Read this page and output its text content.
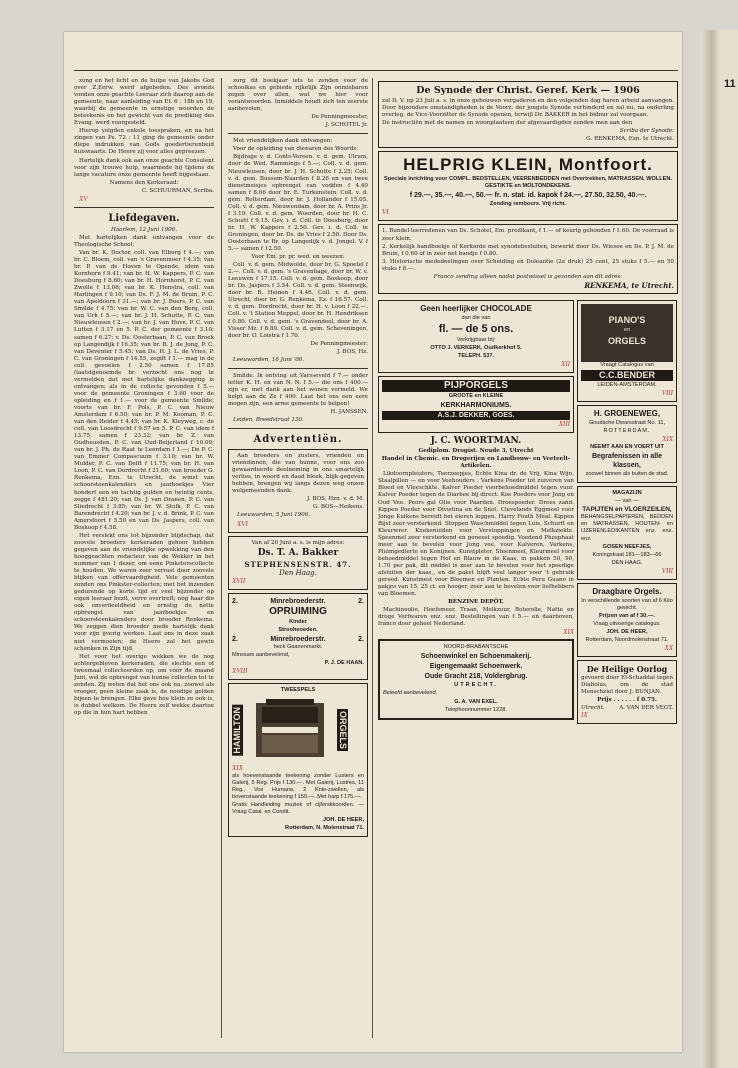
11

zong en het licht en de hulpe van Jakobs God over Z.Eerw. werd afgebeden. Des avonds vonden onze geachte Leeraar zich daarop aan de gemeente, naar aanleiding van Ef. 6 : 18b en 19, waarbij de gemeente in ernstige woorden de beteekenis en het gewicht van de prediking des Evang. werd voorgesteld.

Hierop volgden enkele toespraken, en na het zingen van Ps. 72 : 11 ging de gemeente onder diepe indrukken van Gods goedertierenheid huiswaarts. De Heere zij voor alles gepreezen.

Hartelijk dank ook aan onze geachte Consulent voor zijn trouwe hulp, waarmede hij tijdens de lange vacature onze gemeente heeft bijgestaan.

Namens den Kerkeraad:

C. SCHUURMAN, Scriba.

XV

Liefdegaven.

Haarlem, 12 Juni 1906.

Met hartelijken dank ontvangen voor de Theologische School:

Van br. K. Doctor, coll. van Elburg f 4.—; van br. C. Bloem, coll. van 's Gravenmoer f 4.35; van br. P. van de Hoven te Opende, idem van Kornhorn f 9.41; van br. H. W. Kappers, P. C. van Doesburg f 8.60; van br. H. Hornhorst, P. C. van Zwolle f 13.06; van br. K. Henstra, coll. van Harlingen f 9.10; van Ds. F. J. M. de Bruin, P. C. van Apeldoorn f 31.—; van br. J. Boers, P. C. van Smilde f 4.75; van br. W. C. van den Berg, coll. van Urk f 5.—; van br. J. H. Schutte, P. C. van Nieuwleusen f 2.—; van br. J. van Hove, P. C. van Lutten f 3.17 en 5. P. C. der gemeente f 3.10; samen f 6.27; v. Ds. Oosterbaan, P. C. van Broek op Langendijk f 16.35; van br. B. J. de Jong, P. C. van Deventer f 5.45; van Ds. H. J. L. de Vries, P. C. van Groningen f 14.55, zegift f 1.— mag in de coll. gevoelen f 2.50 samen f 17.85 (laatstgenoemde br. verzocht ons nog te vermelden dat met hartelijke dankzegging is ontvangen; als in de collecte gevonden f 5.— voor de gemeente Groningen f 3.60 voor de opleiding en f 1.— voor de gemeente Smilde; voorts van br. F. Pols, P. C. van Nieuw Amsterdam f 6.50; van br. P. M. Kooman, P. C. van den Helder f 4.45; van br. K. Kleyweg, c. de coll. van Loosdrecht f 9.57 en 5. P. C. van idem f 13.75, samen f 23.32; van br. Z. van Oudheusden, P. C. van Oud-Beijerland f 10.09; van br. J. Ph. de Raat te Leerdam f 1.—; De P. C. van Emmer Compascuum f 3.10; van br. W. Mulder, P. C. van Delft f 11.75; van br. H. van Loon, P. C. van Dordrecht f 21.60; van broeder G. Renkema, Ezn. te Utrecht, de winst van schoorsteenkalenders en jaarboekjes Vier hondert een en tachtig gulden en twintig cents, zegge f 481.20; van Ds. J. van Dranen, P. C. van Sliedrecht f 3.85; van br. W. Stolk, P. C. van Barendrecht f 4.20; van br. J. v. d. Brink, P. C. van Amersfoort f 5.50 en van Ds. Jaspers, coll. van Boskoop f 4.58.

Het verslekt ons tot bijzonder blijdschap, dat zoovele broeders kerkeraden gehoor hebben gegeven aan de vriendelijke opwekking van den hooggeachten redacteur van de Wekker in het nummer van 1 dezer, om eene Pinksterscollecte te houden. We waren zeer verrast door zoovele blijken van offervaardigheid. Vele gemeenten zonden ons Pinkster-collecten; met het inzenden gedurende op korte tijd er veel bijzonder op eigen leeraar bezit, verre overtreft; nog haar die ook onverdeeldheid en ernstig de nette opbrengst van jaarboekjes en schoorsteenkalenders door broeder Renkema. We zeggen dien broeder mede hartelijk dank voor zijn ijverig werken. Laat ons in deze zaak niet vermoeien; de Heere zal het gewin schenken in Zijn tijd.

Het voor het overige wekken we de nog achtergebleven kerkeraden, die slechts een of tweemaal collecteerden op, om vóór de maand Juni, wel de opbrengst van hunne collecten tot te zenden. Zij weten dat het ons ook nu, zoowel als vroeger, geen kleine zaak is, de noodige gelden bijeen te brengen. Elke gave hoe klein ze ook is, is dubbel welkom. De Heere zelf wekke daartoe op die in hun hart hebben

zorg dit boekjaar iets te zenden voor de schoolkas en gebiede rijkelijk Zijn onmisbaren zegen over allen, wat we hier voor verantwoorden. Inmiddels houdt zich ten zeerste aanbevolen,

De Penningmeester,

J. SCHOTEL Jr.

Met vriendelijken dank ontvangen:

Voor de opleiding van dienaren des Woords:

Bijdrage v. d. Conts-Vereen. v. d. gem. Ulrum, door de Wed. Rammings f 5.—; Coll. v. d. gem. Nieuwleusen, door br. J. H. Schutte f 2.25; Coll. v. d. gem. Bussum-Naarden f 8.26 en van twee dienstmeisjes opbrengst van vodden f 4.40 samen f 8.66 door br. E. Turkenstein. Coll. v. d. gem. Rotterdam, door br. J. Hollander f 15.05. Coll. v. d. gem. Nieuwendam, door br. A. Prins Jr. f 3.19. Coll. v. d. gem. Woerden, door br. H. C. Schuitt f 9.15. Gev. i. d. Coll. te Doesburg, door br. H. W. Kappers f 2.50. Gev. i. d. Coll. te Groningen, door br. Ds. de Vries f 2.50. Door Ds. Oosterbaan te Br. op Langedijk v. d. Jongel. V. f 5.— samen f 12.50.

Voor Em. pr. pr. wed. en weezen:

Coll. v. d. gem. Midwolde, door br. G. Spoetel f 2.—. Coll. v. d. gem. 's Gravenhage, door br. W. v. Leeuwen f 17.15. Coll. v. d. gem. Boskoop, door br. Ds. Jaspers f 3.54. Coll. v. d. gem. Steenwijk, door br. B. Heinen f 4.46. Coll. v. d. gem. Utrecht, door br. G. Renkema, Ez. f 16.57. Coll. v. d. gem. Dordrecht, door br. H. v. Loon f 22.—. Coll. v. 't Station Meppel, door br. H. Hendriksen f 0.80. Coll. v. d. gem. 's Gravendeel, door br. A. Visser Mz. f 8.80. Coll. v. d. gem. Scheveningen, door br. O. Loistra f 1.70.

De Penningmeester:

J. BOS, Hz.

Leeuwarden, 16 Juni '06.

Smilde. Ik ontving uit Varsseveld f 7.— onder letter K. H. en van N. N. f 5.— die ons f 400.— zijn er, met dank aan het wonen vermeld. We helpt aan de Ze f 400. Laat het ons een eere mogen zijn, een arme gemeente te helpen!

H. JANSSEN.

Leiden, Breedstraat 130.

Advertentiën.

Aan broeders en zusters, vrienden en vriendinnen, die van hunne, voor ons zoo gewaardeerde deelneming in ons smartelijk verlies, in woord en daad bleek, blijk gegeven hebben, brengen wij langs dezen weg onzen welgemeenden dank.

J. BOS, Hzn. v. d. M.

G. BOS—Heikens.

Leeuwarden, 5 Juni 1906.

XVI

Van af 20 Juni a. s. is mijn adres:

Ds. T. A. Bakker

STEPHENSENSTR. 47.

Den Haag.

XVII

2.	Minrebroederstr.	2.

OPRUIMING

Kinder

Strooheoeden.

2.	Minrebroederstr.	2.

heck Gaanenmarkt.

Minssam aanbevelend,

P. J. DE HAAN.

XVIII

TWEESPELS

HAMILTON	ORGELS

XIX

als hoevenstaande teekening zonder Lusters en Galerij, 5 Reg. Prijs f 130.—. Met Galerij, Lustres, 11 Reg., Vox Humana, 2 Knie-zwellen, als bovenstaande teekening f 150.—. Met harp f 175.—.

Gratis Handleiding muziek of cijferskkoorden. — Vraag Catal. en Condit.

JOH. DE HEER,

Rotterdam, N. Molenstraat 71.

De Synode der Christ. Geref. Kerk — 1906

zal D. V. op 23 Juli a. s. in onze gebouwen vergaderen en den volgenden dag haren arbeid aanvangen. Door bijzondere omstandigheden is de Voorz. der jongste Synode verhinderd en zal nu, na onderling overleg, de Vice-Voorzitter de Synode openen, terwijl Dr. BAKKER in het bidnur zal voorgaan.

De instructiën met de namen en woonplaatsen der afgevaardigden zenden men aan den

Scriba der Synode:

G. RENKEMA, Ezn. te Utrecht.

HELPRIG KLEIN, Montfoort.

Speciale inrichting voor COMPL. BEDSTELLEN, VEERENBEDDEN met Overtrekken, MATRASSEN, WOLLEN. GESTIKTE en MOLTONDEKENS.

f 29.—, 35.—, 40.—, 50.— fr. n. stat. id. kapok f 24.—, 27.50, 32.50, 40.—.

Zending rembours. Vrij richt.

VI

1. Bundel leerredenen van Ds. Schotel, Em. predikant, f 1.— of keurig gebonden f 1.60. De voorraad is zeer klein.

2. Kerkelijk handboekje of Kerkorde met synodebesluiten, bewerkt door Ds. Wiesee en Ds. P. J. M. de Bruin, f 0.60 of in zeer net bandje f 0.80.

3. Historische mededeelingen over Scheiding en Doleantie (2e druk) 25 cent, 25 stuks f 5.— en 50 stuks f 8.—.

Franco zending alleen nadat postwissel is gezonden aan dit adres:

RENKEMA, te Utrecht.

Geen heerlijker CHOCOLADE

dan die van

fl. — de 5 ons.

Verkrijgbaar bij:

OTTO J. VERKERK, Oudkerkhof 5.

TELEPH. 537.

XII

PIJPORGELS

GROOTE en KLEINE

KERKHARMONIUMS.

A.S.J. DEKKER, GOES.

XIII

J. C. WOORTMAN.

Gediplom. Drogist. Neude 3, Utrecht

Handel in Chemic. en Drogerijen en Landbouw- en Veeteelt-Artikelen.

Likdoornpleisters, Teerzeepjes, Echte Kina dr. de Vrij, Kina Wijn, Staalpillen — en voor Veehouders : Varkens Poeder tot zuiveren van Bloed en Vleeschkte. Kalver Poeder voorbehoedmiddel tegen vuur. Kalver Poeder tegen de Diarhee bij direct. Koe Poeders voor Jong en Oud Vee. Peers gal Olie voor Paarden. Droespoeder. Drees zand. Kippen Poeder voor Divistina en de Snot. Clevelands Eggmeel voor Jonge Kuikens bereidt het eieren leggen. Harry Fouth Meal. Kippen Bijst zeer versterkend. Stoppen Waschmiddel tegen Luis, Schurft en Kleurwrer. Kuekenuiden voor Verstoppingen en Melkziekte. Speenmel zeer versterkend en geneest spoedig. Voedend Phosphaat meer aan te bevelen voor Jong vee, voor Kalveren, Varkens, Pluimgedierte en Konijnen. Kunstpleter, Steenmeel, Kleurmeel voor behoedmiddel tegen Hof en Blauw in de Kaas, in pakken 50, 90, 1.70 per pak, dit middel is zeer aan te bevelen voor het spoedige afsluiten der kaas,, en de pakst blijft veel langer voor 't gebruik gereed. Kunstmest voor Bloemen en Planten. Echte Peru Guano in pakjes van 15, 25 ct. en hooger, zeer aan te bevelen voor liefhebbers van Bloemen.

BENZINE DEPÔT.

Machineolie, Hoefsmeer, Traan, Melkzuur, Boterolie, Natte en droge Verfwaren enz. enz. Bestellingen van f 5.— en daarboven, franco door geheel Nederland.

XIX

NOORD-BRABANTSCHE

Schoenwinkel en Schoenmakerij.

Eigengemaakt Schoenwerk.

Oude Gracht 218, Voldergbrug.

UTRECHT.

Beleefd aanbevelend,

G. A. VAN EXEL.

Telephoonnummer 1228.

PIANO'S

en

ORGELS

Vraagt Catalogus van

C.C.BENDER

LEIDEN-AMSTERDAM.

VIII

H. GROENEWEG,

Goudsche Dwarsstraat No. 11,

ROTTERDAM.

XIX

NEEMT AAN EN VOERT UIT

Begrafenissen in alle klassen,

zoowel binnen als buiten de stad.

MAGAZIJN

— van —

TAPIJTEN en VLOERZEILEN,

BEHANGSELPAPIEREN, BEDDEN en MATRASSEN, HOUTEN- en IJZERENLEDIKANTEN enz. enz. enz.

GOSEN NEEFJES,

Koningstraat 181—183—66

DEN HAAG.

VIII

Draagbare Orgels.

In verschillende soorten van af 6 Kilo gewicht.

Prijzen van af f 30.—.

Vraag uitvoerige catalogus.

JOH. DE HEER,

Rotterdam, Noordmolenstraat 71.

XX

De Heilige Oorlog

gevoerd door El-Schaddai tegen Diabolus, om de stad Menschziel door J. BUNJAN.

Prijs . . . . . . f 0.75.

Utrecht.	A. VAN DER VEGT.

IX
